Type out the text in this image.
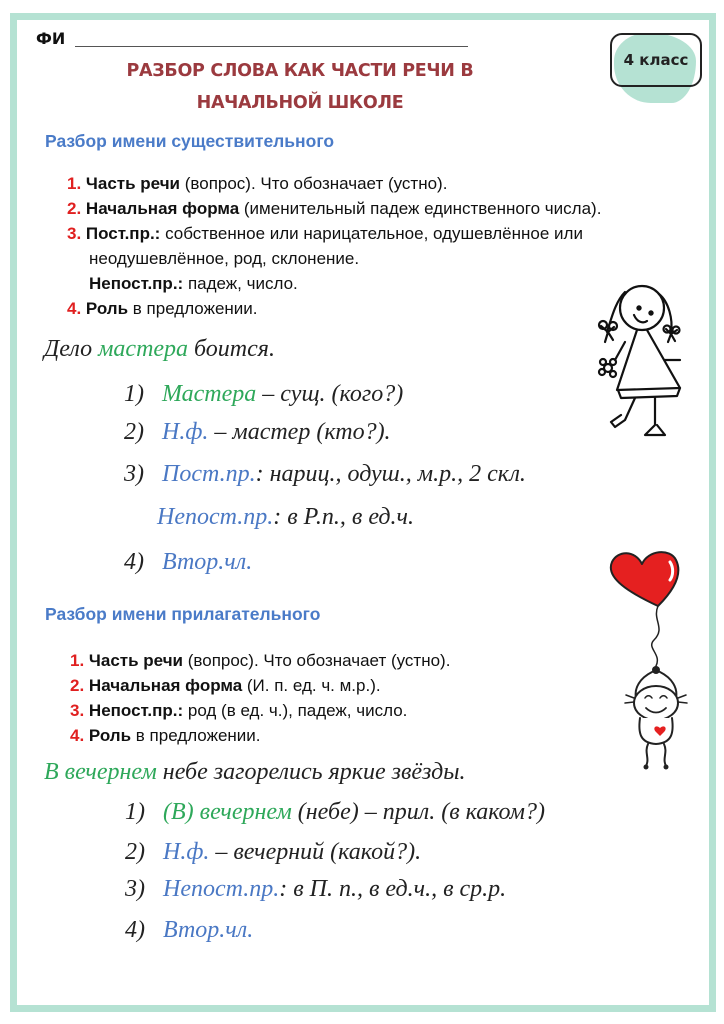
ФИ
4 класс
РАЗБОР СЛОВА КАК ЧАСТИ РЕЧИ В
НАЧАЛЬНОЙ ШКОЛЕ
Разбор имени существительного
1. Часть речи (вопрос). Что обозначает (устно).
2. Начальная форма (именительный падеж единственного числа).
3. Пост.пр.: собственное или нарицательное, одушевлённое или
неодушевлённое, род, склонение.
Непост.пр.: падеж, число.
4. Роль в предложении.
Дело мастера боится.
1) Мастера – сущ. (кого?)
2) Н.ф. – мастер (кто?).
3) Пост.пр.: нариц., одуш., м.р., 2 скл.
Непост.пр.: в Р.п., в ед.ч.
4) Втор.чл.
Разбор имени прилагательного
1. Часть речи (вопрос). Что обозначает (устно).
2. Начальная форма (И. п. ед. ч. м.р.).
3. Непост.пр.: род (в ед. ч.), падеж, число.
4. Роль в предложении.
В вечернем небе загорелись яркие звёзды.
1) (В) вечернем (небе) – прил. (в каком?)
2) Н.ф. – вечерний (какой?).
3) Непост.пр.: в П. п., в ед.ч., в ср.р.
4) Втор.чл.
